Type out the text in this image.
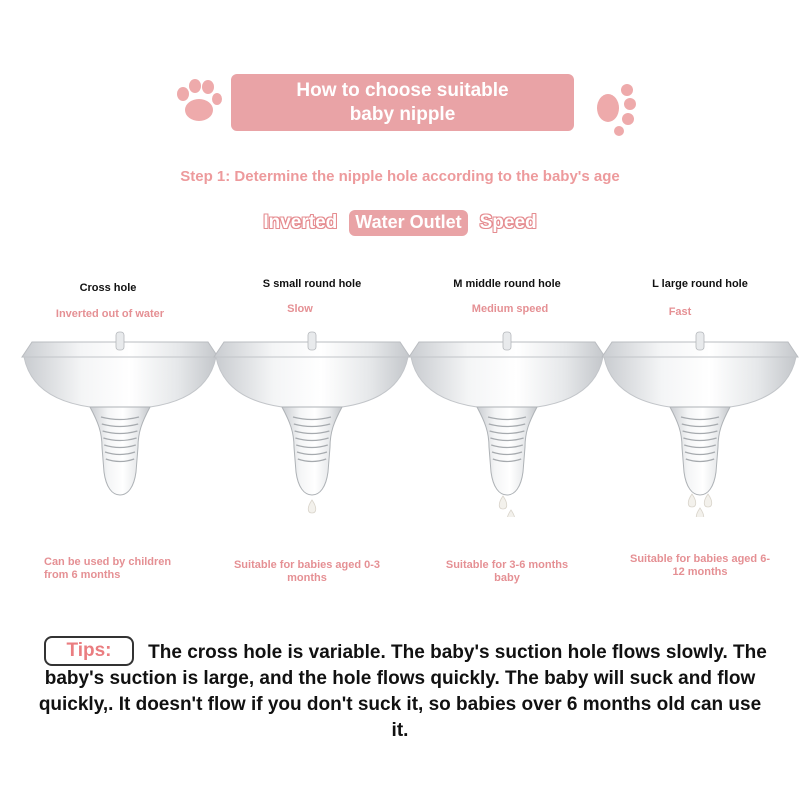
How to choose suitable
baby nipple
Step 1: Determine the nipple hole according to the baby's age
Inverted	Water Outlet Speed
Cross hole
Inverted out of water
Can be used by children from 6 months
S small round hole
Slow
Suitable for babies aged 0-3 months
M middle round hole
Medium speed
Suitable for 3-6 months baby
L large round hole
Fast
Suitable for babies aged 6-12 months
The cross hole is variable. The baby's suction hole flows slowly. The baby's suction is large, and the hole flows quickly. The baby will suck and flow quickly,. It doesn't flow if you don't suck it, so babies over 6 months old can use it.
Tips:
